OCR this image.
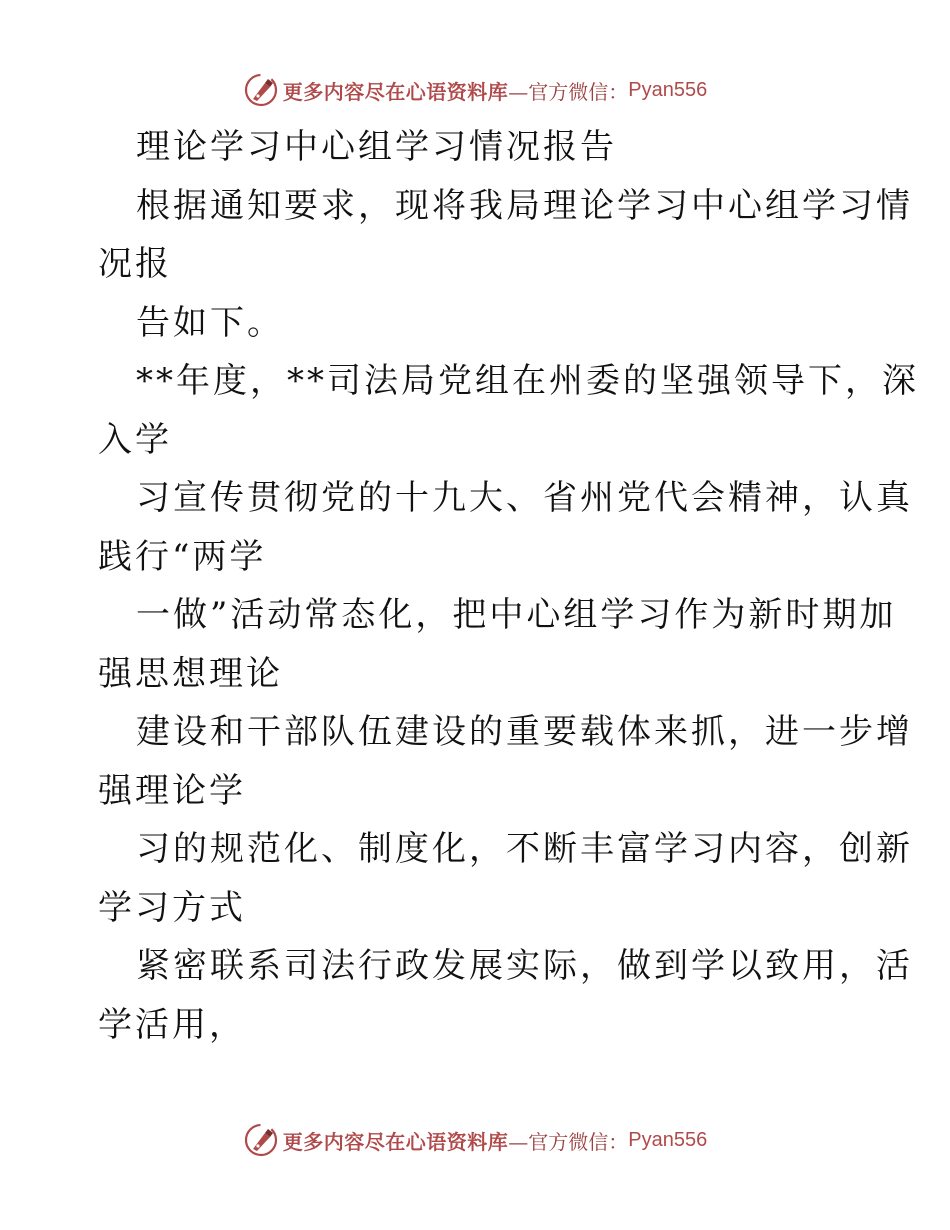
更多内容尽在心语资料库 —官方微信： Pyan556
理论学习中心组学习情况报告
根据通知要求，现将我局理论学习中心组学习情
况报
告如下。
**年度，**司法局党组在州委的坚强领导下，深
入学
习宣传贯彻党的十九大、省州党代会精神，认真
践行“两学
一做”活动常态化，把中心组学习作为新时期加
强思想理论
建设和干部队伍建设的重要载体来抓，进一步增
强理论学
习的规范化、制度化，不断丰富学习内容，创新
学习方式
紧密联系司法行政发展实际，做到学以致用，活
学活用，
更多内容尽在心语资料库 —官方微信： Pyan556
